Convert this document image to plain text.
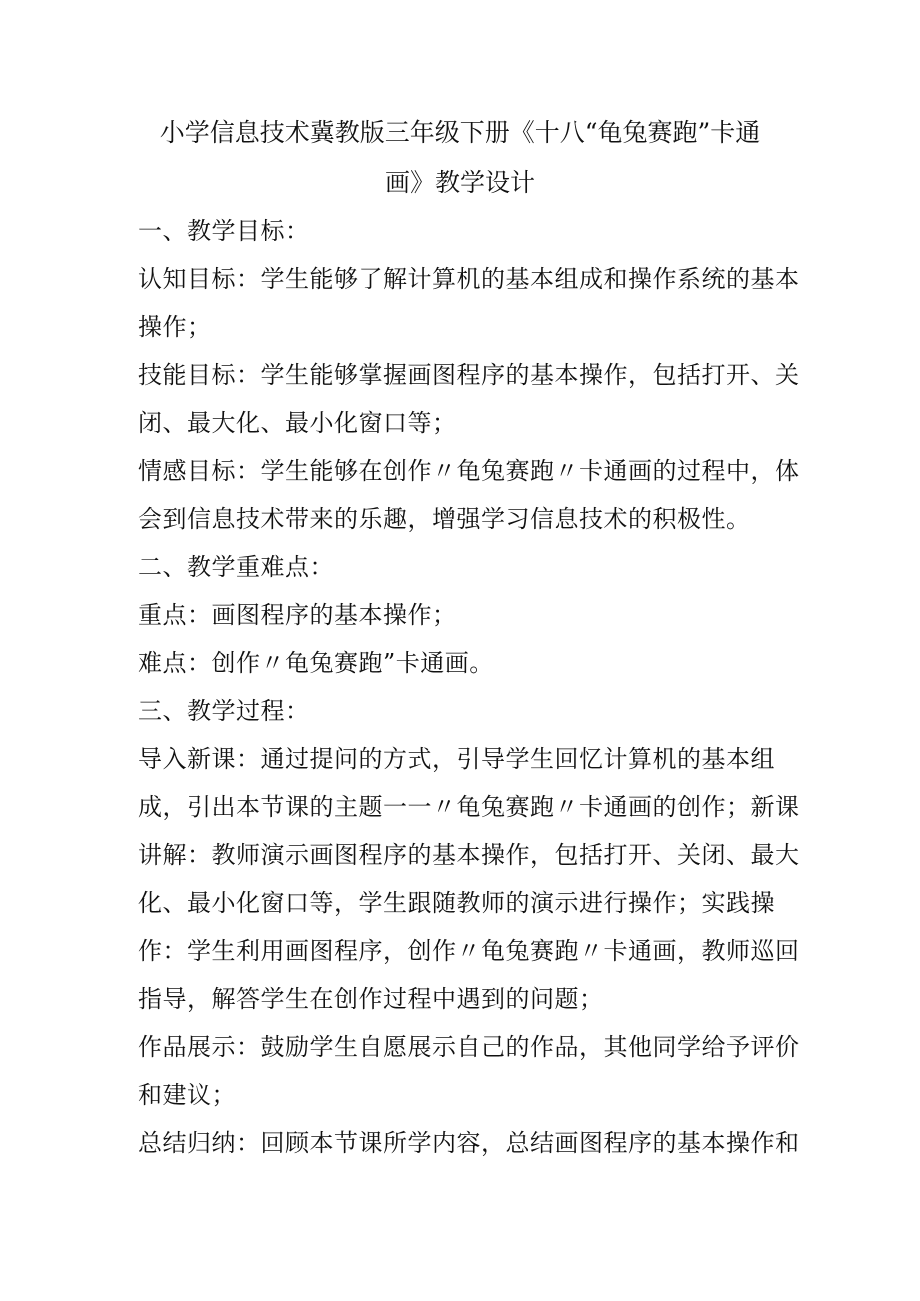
小学信息技术冀教版三年级下册《十八“龟兔赛跑”卡通
画》教学设计
一、教学目标：
认知目标：学生能够了解计算机的基本组成和操作系统的基本
操作；
技能目标：学生能够掌握画图程序的基本操作，包括打开、关
闭、最大化、最小化窗口等；
情感目标：学生能够在创作〃龟兔赛跑〃卡通画的过程中，体
会到信息技术带来的乐趣，增强学习信息技术的积极性。
二、教学重难点：
重点：画图程序的基本操作；
难点：创作〃龟兔赛跑”卡通画。
三、教学过程：
导入新课：通过提问的方式，引导学生回忆计算机的基本组
成，引出本节课的主题一一〃龟兔赛跑〃卡通画的创作；新课
讲解：教师演示画图程序的基本操作，包括打开、关闭、最大
化、最小化窗口等，学生跟随教师的演示进行操作；实践操
作：学生利用画图程序，创作〃龟兔赛跑〃卡通画，教师巡回
指导，解答学生在创作过程中遇到的问题；
作品展示：鼓励学生自愿展示自己的作品，其他同学给予评价
和建议；
总结归纳：回顾本节课所学内容，总结画图程序的基本操作和
